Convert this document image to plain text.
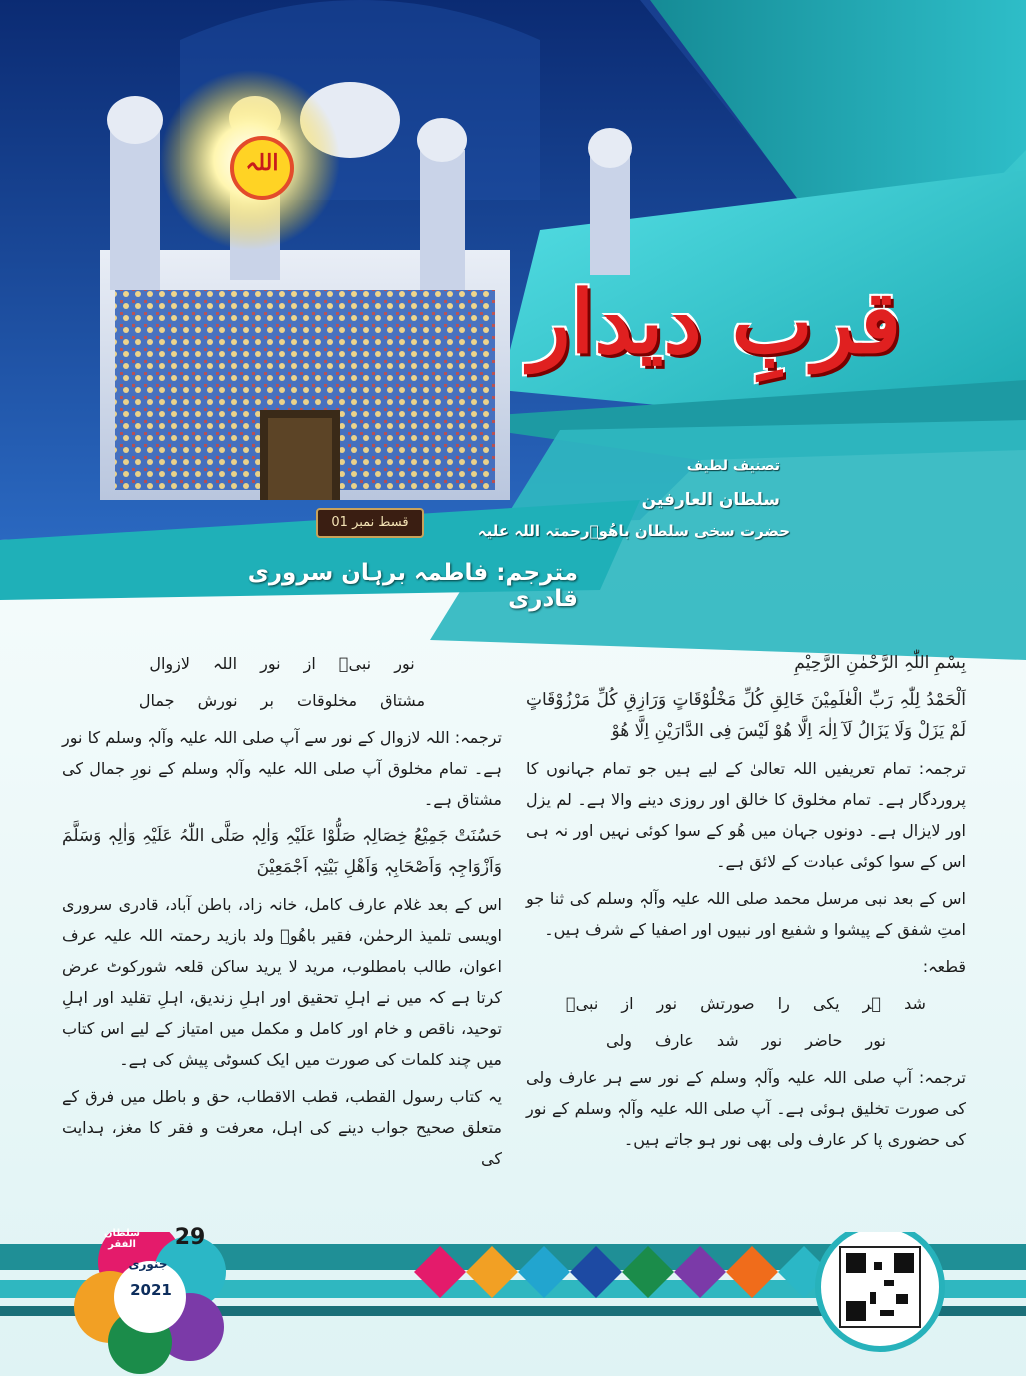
اللہ
قربِ دیدار
تصنیف لطیف
سلطان العارفین
حضرت سخی سلطان باھُوؒرحمتہ اللہ علیہ
قسط نمبر 01
مترجم: فاطمہ برہان سروری قادری

بِسْمِ اللّٰہِ الرَّحْمٰنِ الرَّحِیْمِ

اَلْحَمْدُ لِلّٰہِ رَبِّ الْعٰلَمِیْنَ خَالِقِ کُلِّ مَخْلُوْقَاتٍ وَرَازِقِ کُلِّ مَرْزُوْقَاتٍ لَمْ یَزَلْ وَلَا یَزَالُ لَآ اِلٰہَ اِلَّا ھُوْ لَیْسَ فِی الدَّارَیْنِ اِلَّا ھُوْ

ترجمہ: تمام تعریفیں اللہ تعالیٰ کے لیے ہیں جو تمام جہانوں کا پروردگار ہے۔ تمام مخلوق کا خالق اور روزی دینے والا ہے۔ لم یزل اور لایزال ہے۔ دونوں جہان میں ھُو کے سوا کوئی نہیں اور نہ ہی اس کے سوا کوئی عبادت کے لائق ہے۔

اس کے بعد نبی مرسل محمد صلی اللہ علیہ وآلہٖ وسلم کی ثنا جو امتِ شفق کے پیشوا و شفیع اور نبیوں اور اصفیا کے شرف ہیں۔

قطعہ:

شد ہر یکی را صورتش نور از نبیؐ

نور حاضر نور شد عارف ولی

ترجمہ: آپ صلی اللہ علیہ وآلہٖ وسلم کے نور سے ہر عارف ولی کی صورت تخلیق ہوئی ہے۔ آپ صلی اللہ علیہ وآلہٖ وسلم کے نور کی حضوری پا کر عارف ولی بھی نور ہو جاتے ہیں۔

نور نبیؐ از نور اللہ لازوال

مشتاق مخلوقات بر نورش جمال

ترجمہ: اللہ لازوال کے نور سے آپ صلی اللہ علیہ وآلہٖ وسلم کا نور ہے۔ تمام مخلوق آپ صلی اللہ علیہ وآلہٖ وسلم کے نورِ جمال کی مشتاق ہے۔

حَسُنَتْ جَمِیْعُ خِصَالِہٖ صَلُّوْا عَلَیْہِ وَاٰلِہٖ صَلَّی اللّٰہُ عَلَیْہِ وَاٰلِہٖ وَسَلَّمَ وَاَزْوَاجِہٖ وَاَصْحَابِہٖ وَاَھْلِ بَیْتِہٖ اَجْمَعِیْنَ

اس کے بعد غلام عارف کامل، خانہ زاد، باطن آباد، قادری سروری اویسی تلمیذ الرحمٰن، فقیر باھُوؒ ولد بازید رحمتہ اللہ علیہ عرف اعوان، طالب بامطلوب، مرید لا یرید ساکن قلعہ شورکوٹ عرض کرتا ہے کہ میں نے اہلِ تحقیق اور اہلِ زندیق، اہلِ تقلید اور اہلِ توحید، ناقص و خام اور کامل و مکمل میں امتیاز کے لیے اس کتاب میں چند کلمات کی صورت میں ایک کسوٹی پیش کی ہے۔

یہ کتاب رسول القطب، قطب الاقطاب، حق و باطل میں فرق کے متعلق صحیح جواب دینے کی اہل، معرفت و فقر کا مغز، ہدایت کی

سلطان الفقر	29
جنوری
2021
